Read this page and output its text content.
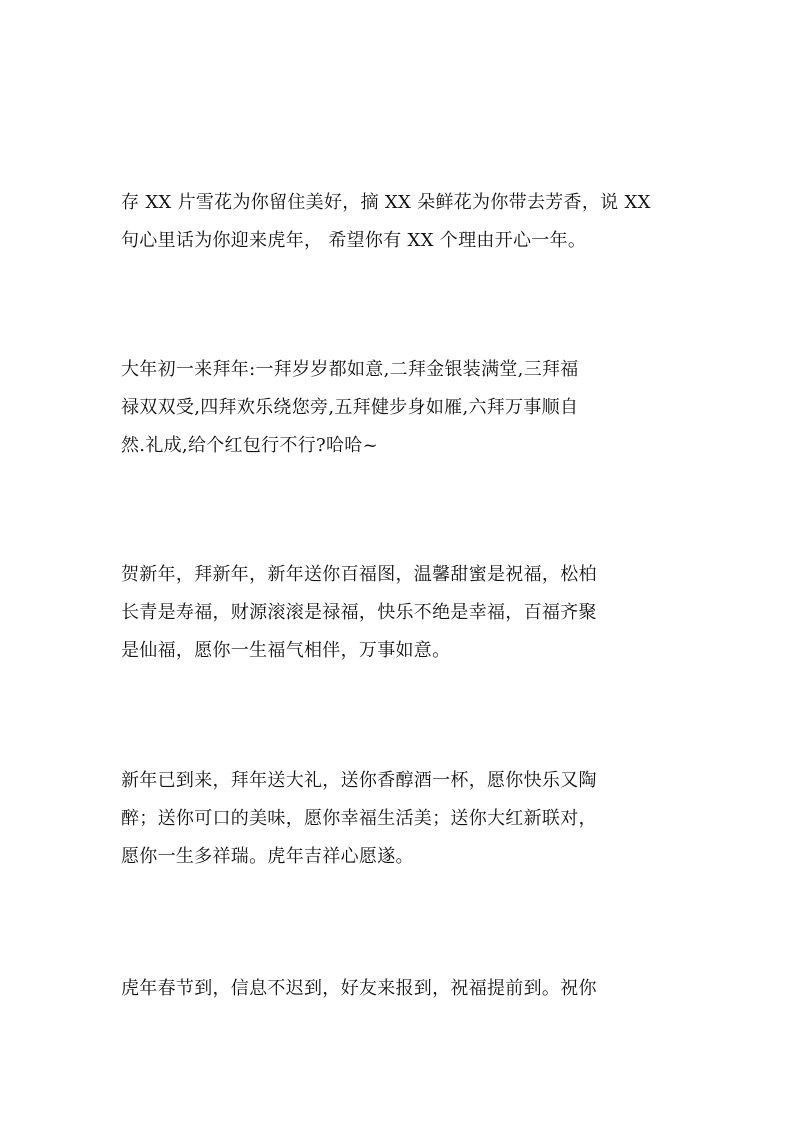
存 XX 片雪花为你留住美好，摘 XX 朵鲜花为你带去芳香，说 XX
句心里话为你迎来虎年， 希望你有 XX 个理由开心一年。

大年初一来拜年:一拜岁岁都如意,二拜金银装满堂,三拜福
禄双双受,四拜欢乐绕您旁,五拜健步身如雁,六拜万事顺自
然.礼成,给个红包行不行?哈哈~

贺新年，拜新年，新年送你百福图，温馨甜蜜是祝福，松柏
长青是寿福，财源滚滚是禄福，快乐不绝是幸福，百福齐聚
是仙福，愿你一生福气相伴，万事如意。

新年已到来，拜年送大礼，送你香醇酒一杯，愿你快乐又陶
醉；送你可口的美味，愿你幸福生活美；送你大红新联对，
愿你一生多祥瑞。虎年吉祥心愿遂。

虎年春节到，信息不迟到，好友来报到，祝福提前到。祝你
